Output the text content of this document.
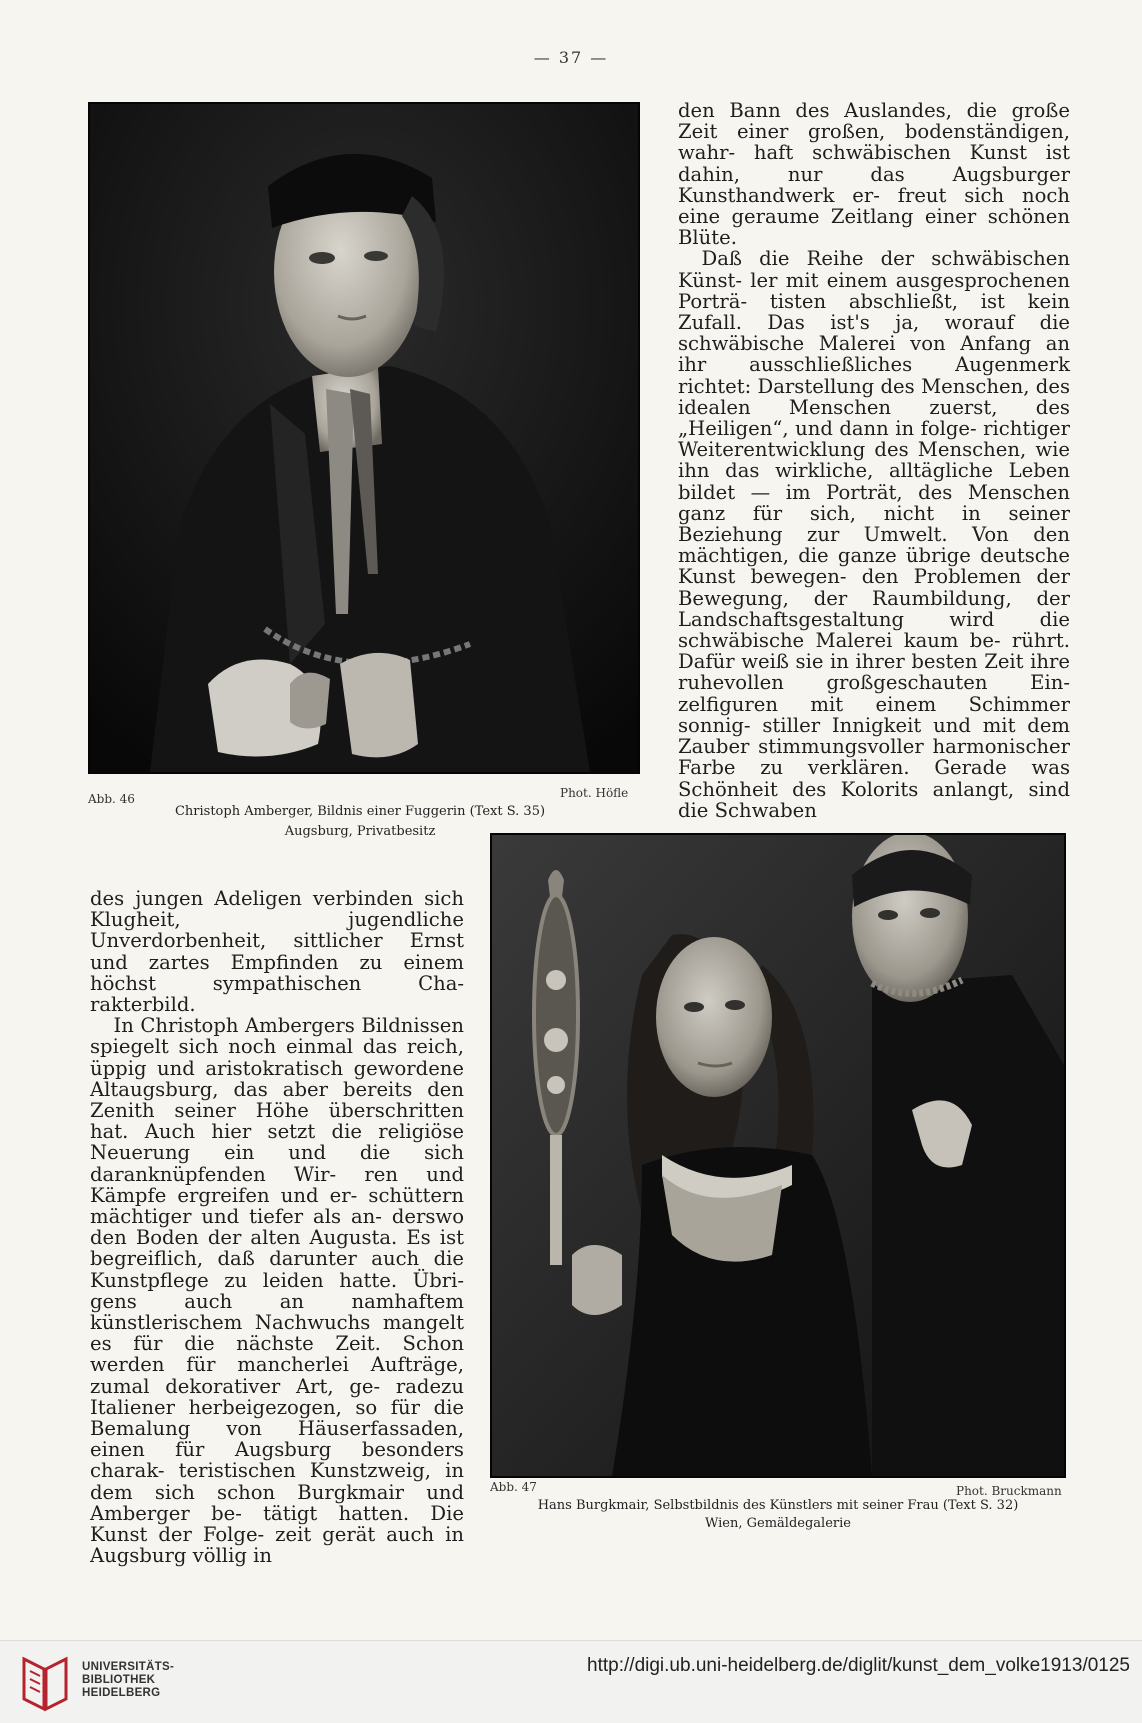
— 37 —
Abb. 46	Phot. Höfle
Christoph Amberger, Bildnis einer Fuggerin (Text S. 35)
Augsburg, Privatbesitz

den Bann des Auslandes, die große Zeit einer großen, bodenständigen, wahr- haft schwäbischen Kunst ist dahin, nur das Augsburger Kunsthandwerk er- freut sich noch eine geraume Zeitlang einer schönen Blüte.

Daß die Reihe der schwäbischen Künst- ler mit einem ausgesprochenen Porträ- tisten abschließt, ist kein Zufall. Das ist's ja, worauf die schwäbische Malerei von Anfang an ihr ausschließliches Augenmerk richtet: Darstellung des Menschen, des idealen Menschen zuerst, des „Heiligen“, und dann in folge- richtiger Weiterentwicklung des Menschen, wie ihn das wirkliche, alltägliche Leben bildet — im Porträt, des Menschen ganz für sich, nicht in seiner Beziehung zur Umwelt. Von den mächtigen, die ganze übrige deutsche Kunst bewegen- den Problemen der Bewegung, der Raumbildung, der Landschaftsgestaltung wird die schwäbische Malerei kaum be- rührt. Dafür weiß sie in ihrer besten Zeit ihre ruhevollen großgeschauten Ein- zelfiguren mit einem Schimmer sonnig- stiller Innigkeit und mit dem Zauber stimmungsvoller harmonischer Farbe zu verklären. Gerade was Schönheit des Kolorits anlangt, sind die Schwaben

des jungen Adeligen verbinden sich Klugheit, jugendliche Unverdorbenheit, sittlicher Ernst und zartes Empfinden zu einem höchst sympathischen Cha- rakterbild.

In Christoph Ambergers Bildnissen spiegelt sich noch einmal das reich, üppig und aristokratisch gewordene Altaugsburg, das aber bereits den Zenith seiner Höhe überschritten hat. Auch hier setzt die religiöse Neuerung ein und die sich daranknüpfenden Wir- ren und Kämpfe ergreifen und er- schüttern mächtiger und tiefer als an- derswo den Boden der alten Augusta. Es ist begreiflich, daß darunter auch die Kunstpflege zu leiden hatte. Übri- gens auch an namhaftem künstlerischem Nachwuchs mangelt es für die nächste Zeit. Schon werden für mancherlei Aufträge, zumal dekorativer Art, ge- radezu Italiener herbeigezogen, so für die Bemalung von Häuserfassaden, einen für Augsburg besonders charak- teristischen Kunstzweig, in dem sich schon Burgkmair und Amberger be- tätigt hatten. Die Kunst der Folge- zeit gerät auch in Augsburg völlig in

Abb. 47	Phot. Bruckmann
Hans Burgkmair, Selbstbildnis des Künstlers mit seiner Frau (Text S. 32)
Wien, Gemäldegalerie
UNIVERSITÄTS-
BIBLIOTHEK
HEIDELBERG
http://digi.ub.uni-heidelberg.de/diglit/kunst_dem_volke1913/0125
